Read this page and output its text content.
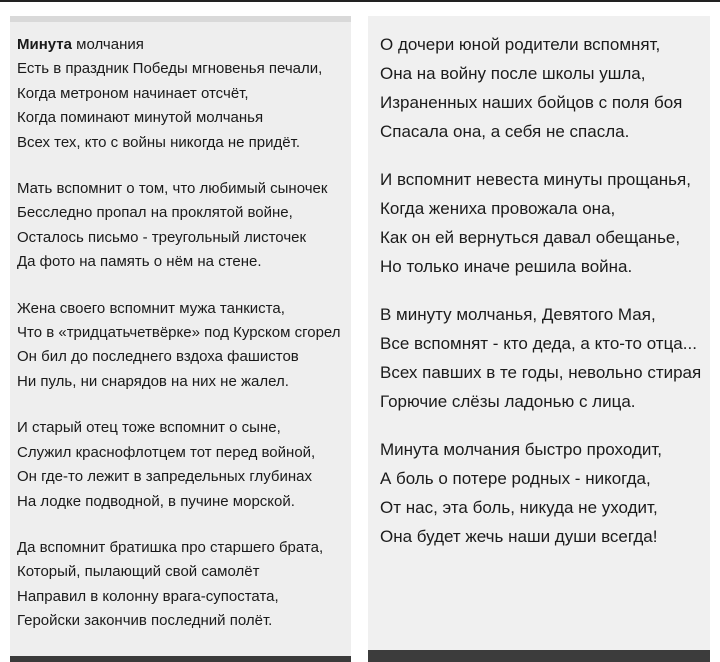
Минута молчания
Есть в праздник Победы мгновенья печали,
Когда метроном начинает отсчёт,
Когда поминают минутой молчанья
Всех тех, кто с войны никогда не придёт.
Мать вспомнит о том, что любимый сыночек
Бесследно пропал на проклятой войне,
Осталось письмо - треугольный листочек
Да фото на память о нём на стене.
Жена своего вспомнит мужа танкиста,
Что в «тридцатьчетвёрке» под Курском сгорел
Он бил до последнего вздоха фашистов
Ни пуль, ни снарядов на них не жалел.
И старый отец тоже вспомнит о сыне,
Служил краснофлотцем тот перед войной,
Он где-то лежит в запредельных глубинах
На лодке подводной, в пучине морской.
Да вспомнит братишка про старшего брата,
Который, пылающий свой самолёт
Направил в колонну врага-супостата,
Геройски закончив последний полёт.
О дочери юной родители вспомнят,
Она на войну после школы ушла,
Израненных наших бойцов с поля боя
Спасала она, а себя не спасла.
И вспомнит невеста минуты прощанья,
Когда жениха провожала она,
Как он ей вернуться давал обещанье,
Но только иначе решила война.
В минуту молчанья, Девятого Мая,
Все вспомнят - кто деда, а кто-то отца...
Всех павших в те годы, невольно стирая
Горючие слёзы ладонью с лица.
Минута молчания быстро проходит,
А боль о потере родных - никогда,
От нас, эта боль, никуда не уходит,
Она будет жечь наши души всегда!
